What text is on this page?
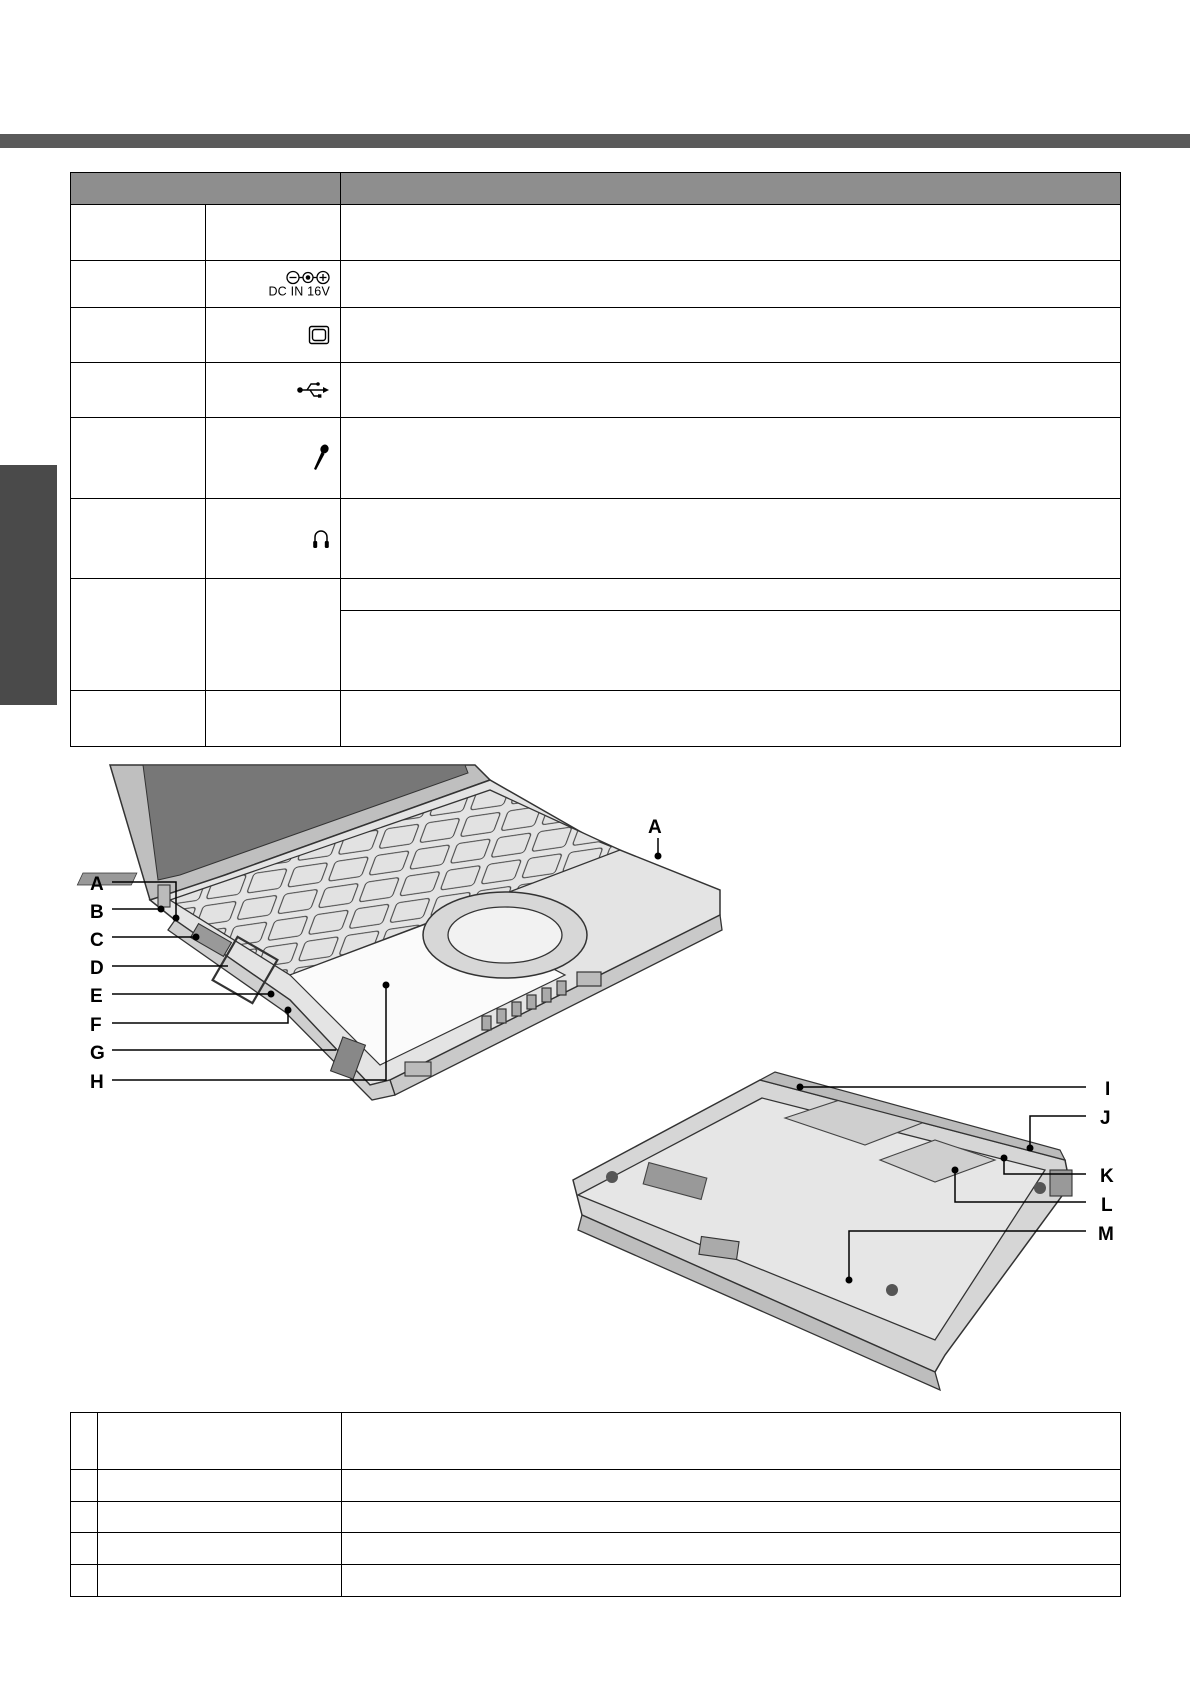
	DC IN 16V	

A
B
C
D
E
F
G
H
A
I
J
K
L
M
